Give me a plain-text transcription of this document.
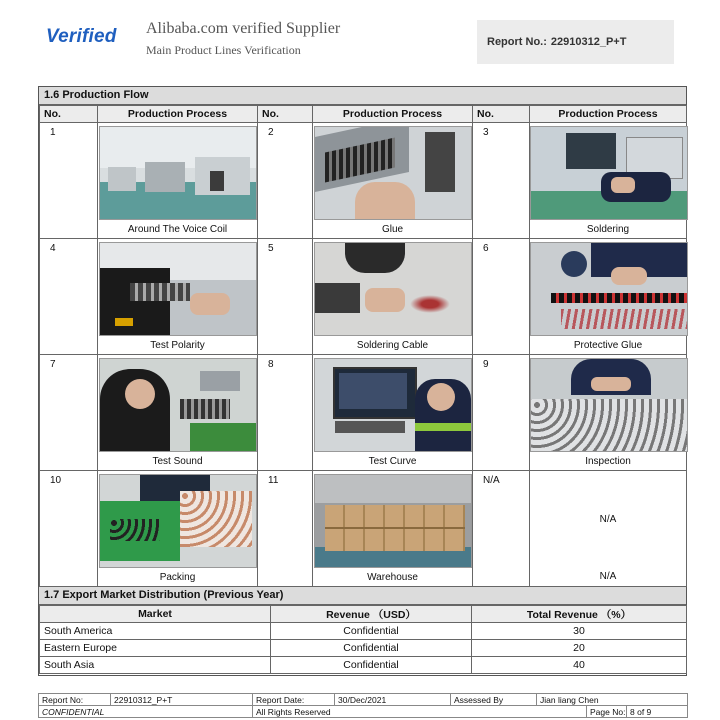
Verified Alibaba.com verified Supplier
Main Product Lines Verification
Report No.: 22910312_P+T
1.6 Production Flow
No.	Production Process	No.	Production Process	No.	Production Process
1	Around The Voice Coil	2	Glue	3	Soldering

4	Test Polarity	5	Soldering Cable	6	Protective Glue

7	Test Sound	8	Test Curve	9	Inspection

10	Packing	11	Warehouse	N/A	N/A
N/A
1.7 Export Market Distribution (Previous Year)
Market	Revenue （USD）	Total Revenue （%）
South America	Confidential	30
Eastern Europe	Confidential	20
South Asia	Confidential	40
Report No:	22910312_P+T	Report Date:	30/Dec/2021	Assessed By	Jian liang Chen		
CONFIDENTIAL		All Rights Reserved				Page No:	8 of 9
